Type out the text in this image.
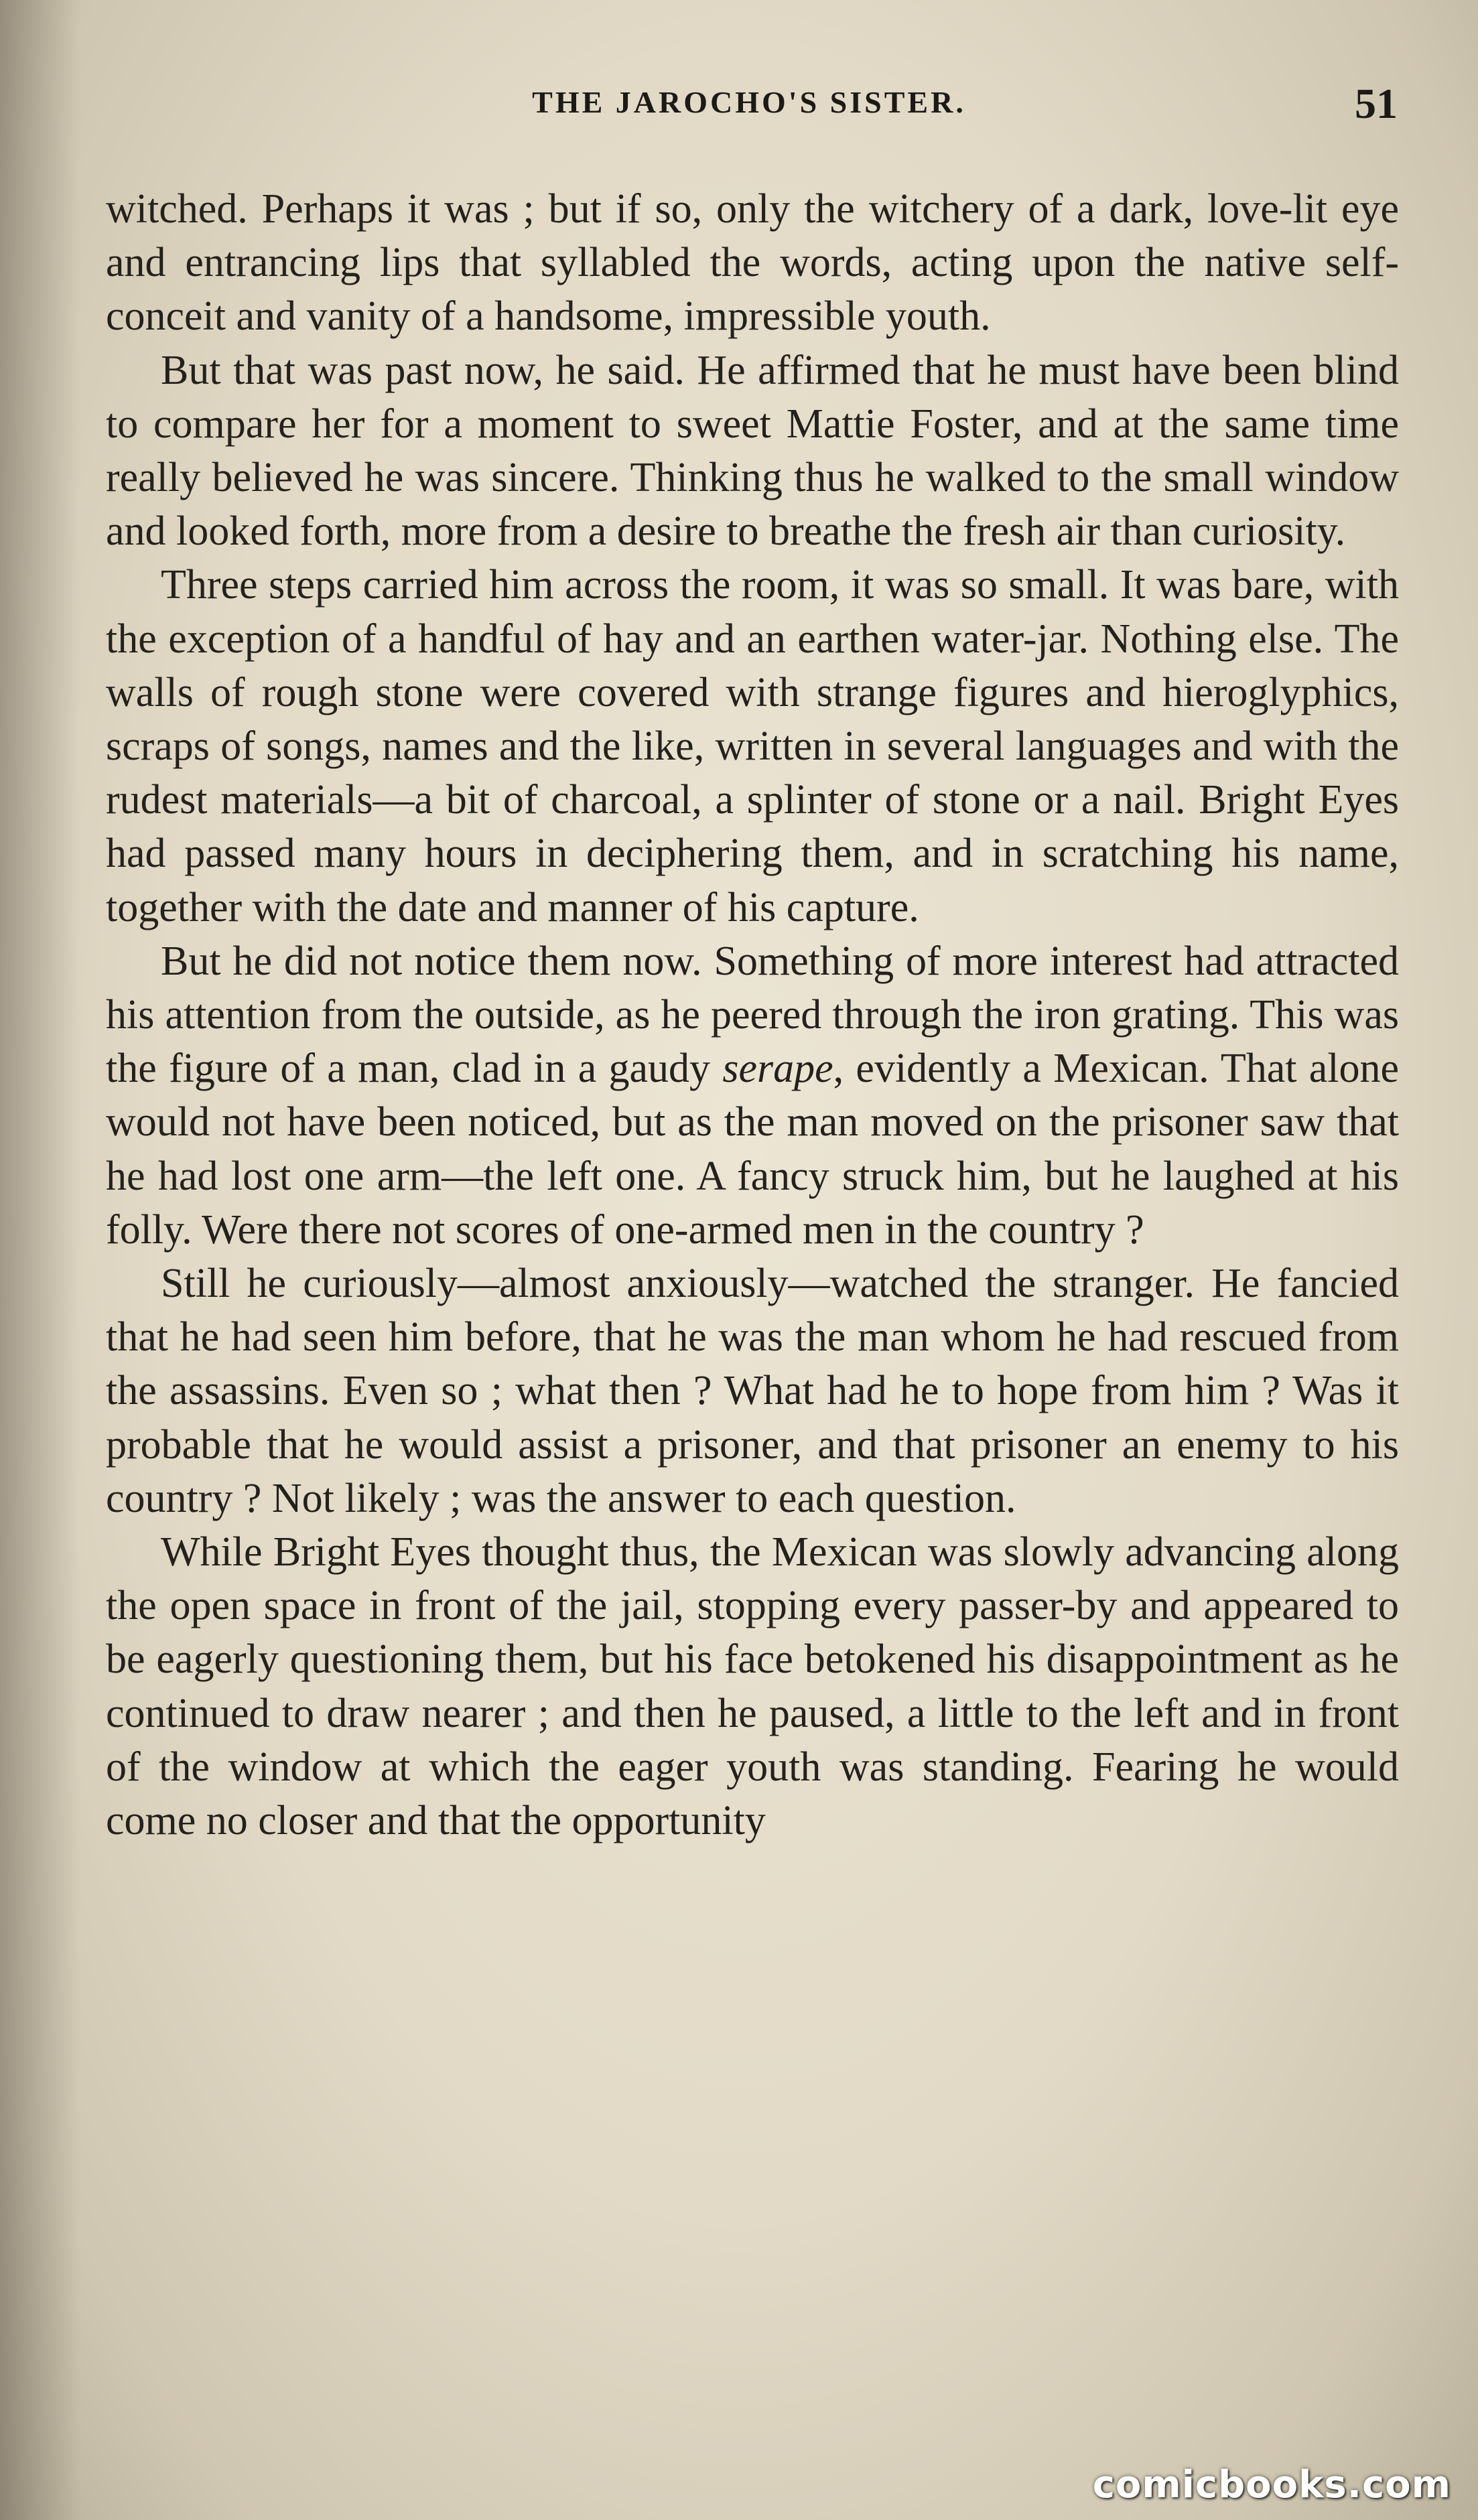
THE JAROCHO'S SISTER.	51

witched. Perhaps it was ; but if so, only the witchery of a dark, love-lit eye and entrancing lips that syllabled the words, acting upon the native self-conceit and vanity of a handsome, impressible youth.

But that was past now, he said. He affirmed that he must have been blind to compare her for a moment to sweet Mattie Foster, and at the same time really believed he was sincere. Thinking thus he walked to the small window and looked forth, more from a desire to breathe the fresh air than curiosity.

Three steps carried him across the room, it was so small. It was bare, with the exception of a handful of hay and an earthen water-jar. Nothing else. The walls of rough stone were covered with strange figures and hieroglyphics, scraps of songs, names and the like, written in several languages and with the rudest materials—a bit of charcoal, a splinter of stone or a nail. Bright Eyes had passed many hours in deciphering them, and in scratching his name, together with the date and manner of his capture.

But he did not notice them now. Something of more interest had attracted his attention from the outside, as he peered through the iron grating. This was the figure of a man, clad in a gaudy serape, evidently a Mexican. That alone would not have been noticed, but as the man moved on the prisoner saw that he had lost one arm—the left one. A fancy struck him, but he laughed at his folly. Were there not scores of one-armed men in the country ?

Still he curiously—almost anxiously—watched the stranger. He fancied that he had seen him before, that he was the man whom he had rescued from the assassins. Even so ; what then ? What had he to hope from him ? Was it probable that he would assist a prisoner, and that prisoner an enemy to his country ? Not likely ; was the answer to each question.

While Bright Eyes thought thus, the Mexican was slowly advancing along the open space in front of the jail, stopping every passer-by and appeared to be eagerly questioning them, but his face betokened his disappointment as he continued to draw nearer ; and then he paused, a little to the left and in front of the window at which the eager youth was standing. Fearing he would come no closer and that the opportunity

comicbooks.com
